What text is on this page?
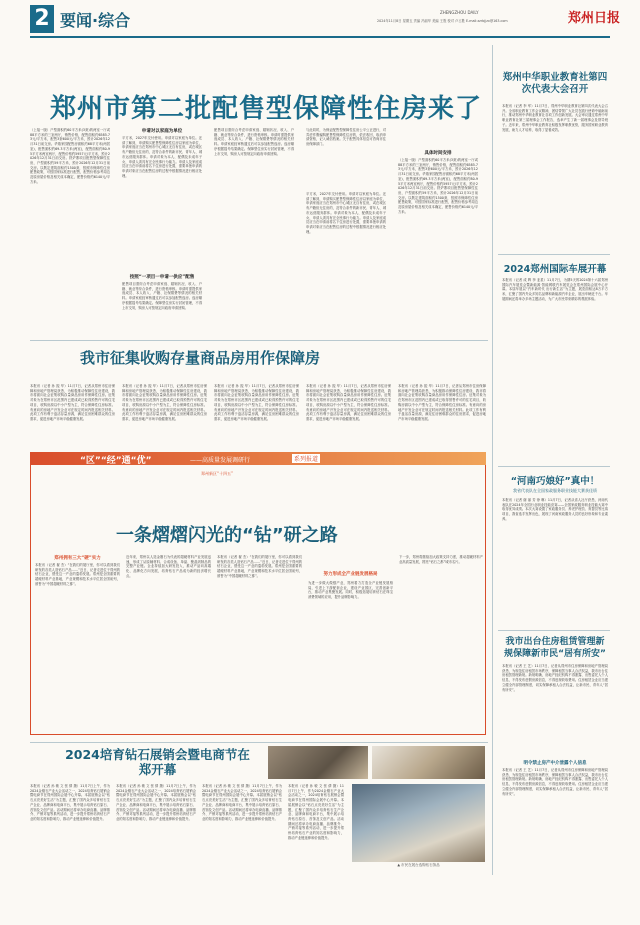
2 要闻·综合	ZHENGZHOU DAILY
2024年11月8日 星期五 责编 冯丽华 美编 王胜 校对 卢占胜 E-mail:zzrbjjzx@163.com	郑州日报
郑州市第二批配售型保障性住房来了
（上接一版）户型面积约60平方米(3套)的两室一厅或88平方米的三室两厅，销售价格，配售面积约6585.73元/平方米，配售3套600元/平方米，预计2026年12月31日前交房。华瑞家园配售房面积约68平方米(两居室)，配售面积约69.3平方米(两室)，配售面积约80-95平方米两室两厅，配售价格约5957元/平方米，预计2026年12月31日前交房。铁炉寨项目配售型保障性住房，户型面积约59平方米，预计2026年12月31日前交房。以既定建筑面积约1500套，按照市保障性住房配售政策，可按国家标准进行配售，配售价格参考周边及原房屋价格及相关成本确定，配售价格约6140元/平方米。
申请对以家庭为单位
平方米，2027年交付使用。申请对以家庭为单位。还请了解到，申请购买配售型保障性住房以家庭为单位，申请家庭应当在郑州市中心城区无自有住房，或在城区有户籍但无住房的，及符合条件的新市民、青年人、城市运营服务群体。申请对象为本人、配偶及未成年子女，申请人须具有完全民事行为能力。申请人及家庭成员应当在申请前将名下住房进行处置，需要单独申请的申请对象应当在配售住房的过程中根据情况进行相应处理。
按照“一项目一申请一供应”配售
配售项目需综合考虑申请家庭、婚姻状况、收入、户籍、就业等综合条件，进行资格审核。申请时需提供家庭成员、本人收入、户籍、社保缴费等情况的相关材料。申请家庭经审核通过后可以参加配售选房。选房顺序根据摇号结果确定。保障型住房实行封闭管理，不得上市交易，购房人可按规定向政府申请回购。
配售项目需综合考虑申请家庭、婚姻状况、收入、户籍、就业等综合条件，进行资格审核。申请时需提供家庭成员、本人收入、户籍、社保缴费等情况的相关材料。申请家庭经审核通过后可以参加配售选房。选房顺序根据摇号结果确定。保障型住房实行封闭管理，不得上市交易，购房人可按规定向政府申请回购。
与此同时，为保证配售型保障性住房公平公正进行，对弄虚作假骗购配售型保障性住房的，依法收回，取消申请资格，记入诚信档案。关于配售具体信息可咨询市住房保障部门。
具体时间安排
（上接一版）户型面积约60平方米(3套)的两室一厅或88平方米的三室两厅，销售价格，配售面积约6585.73元/平方米，配售3套600元/平方米，预计2026年12月31日前交房。华瑞家园配售房面积约68平方米(两居室)，配售面积约69.3平方米(两室)，配售面积约80-95平方米两室两厅，配售价格约5957元/平方米，预计2026年12月31日前交房。铁炉寨项目配售型保障性住房，户型面积约59平方米，预计2026年12月31日前交房。以既定建筑面积约1500套，按照市保障性住房配售政策，可按国家标准进行配售，配售价格参考周边及原房屋价格及相关成本确定，配售价格约6140元/平方米。
平方米，2027年交付使用。申请对以家庭为单位。还请了解到，申请购买配售型保障性住房以家庭为单位，申请家庭应当在郑州市中心城区无自有住房，或在城区有户籍但无住房的，及符合条件的新市民、青年人、城市运营服务群体。申请对象为本人、配偶及未成年子女，申请人须具有完全民事行为能力。申请人及家庭成员应当在申请前将名下住房进行处置，需要单独申请的申请对象应当在配售住房的过程中根据情况进行相应处理。
郑州中华职业教育社第四次代表大会召开
本报讯（记者 李 军）11月7日，郑州中华职业教育社第四次代表大会召开。全省职业教育工作会议精神，团结带领广大社员在践行使命中砥砺前行，推动郑州中华职业教育社各项工作创新发展。大会审议通过郑州中华职业教育社第三届理事会工作报告，选举产生了新一届理事会及领导班子。近年来，郑州中华职业教育社积极发挥职教优势，服务国家职业教育发展，助力人才培养，取得了显著成效。
2024郑州国际车展开幕
本报讯（记者 成 辉 李 亚星）11月7日，为期5天的2024第十六届郑州国际汽车展览会暨新能源·智能网联汽车展览会在郑州国际会展中心开幕。本届车展以“汽车新时代 出行新生活”为主题，展览面积达8万平方米，汇聚了国内外众多知名品牌和新能源汽车企业，展出车辆近千台。车展期间还将举办多场主题活动，为广大市民带来精彩的观展体验。
我市征集收购存量商品房用作保障房
本报讯（记者 孙 振 华）11月7日，记者从郑州市住房保障和房地产管理局获悉，为积极推动保障性住房建设，我市将面向社会征集收购存量商品房用作保障性住房。征集对象为在郑州市区范围内已建成或已取得预售许可的住宅项目，收购房源以中小户型为主，符合保障性住房标准。有意向的房地产开发企业可在规定时间内报送相关材料。此项工作有利于盘活存量房源，满足住房困难群众的住房需求，促进房地产市场平稳健康发展。
本报讯（记者 孙 振 华）11月7日，记者从郑州市住房保障和房地产管理局获悉，为积极推动保障性住房建设，我市将面向社会征集收购存量商品房用作保障性住房。征集对象为在郑州市区范围内已建成或已取得预售许可的住宅项目，收购房源以中小户型为主，符合保障性住房标准。有意向的房地产开发企业可在规定时间内报送相关材料。此项工作有利于盘活存量房源，满足住房困难群众的住房需求，促进房地产市场平稳健康发展。
本报讯（记者 孙 振 华）11月7日，记者从郑州市住房保障和房地产管理局获悉，为积极推动保障性住房建设，我市将面向社会征集收购存量商品房用作保障性住房。征集对象为在郑州市区范围内已建成或已取得预售许可的住宅项目，收购房源以中小户型为主，符合保障性住房标准。有意向的房地产开发企业可在规定时间内报送相关材料。此项工作有利于盘活存量房源，满足住房困难群众的住房需求，促进房地产市场平稳健康发展。
本报讯（记者 孙 振 华）11月7日，记者从郑州市住房保障和房地产管理局获悉，为积极推动保障性住房建设，我市将面向社会征集收购存量商品房用作保障性住房。征集对象为在郑州市区范围内已建成或已取得预售许可的住宅项目，收购房源以中小户型为主，符合保障性住房标准。有意向的房地产开发企业可在规定时间内报送相关材料。此项工作有利于盘活存量房源，满足住房困难群众的住房需求，促进房地产市场平稳健康发展。
本报讯（记者 孙 振 华）11月7日，记者从郑州市住房保障和房地产管理局获悉，为积极推动保障性住房建设，我市将面向社会征集收购存量商品房用作保障性住房。征集对象为在郑州市区范围内已建成或已取得预售许可的住宅项目，收购房源以中小户型为主，符合保障性住房标准。有意向的房地产开发企业可在规定时间内报送相关材料。此项工作有利于盘活存量房源，满足住房困难群众的住房需求，促进房地产市场平稳健康发展。
“区”“经”通“优”	——高质量发展调研行	系列报道
郑州新区“十四五”
一条熠熠闪光的“钻”研之路
郑州拥有三大“硬”实力
本报讯（记者 翟 杰）“在我们的展厅里，你可以看到我们研发的各类人造钻石产品……”近日，记者走进位于郑州的钻石企业，感受这一产业的蓬勃发展。郑州是全国重要的超硬材料产业基地，产业规模和技术水平位居全国前列，被誉为“中国超硬材料之都”。
近年来，郑州以人造金刚石为代表的超硬材料产业发展迅速，形成了从原辅材料、合成设备、单晶、聚晶到制品的完整产业链。企业持续加大研发投入，推动产品向高端化、品牌化方向发展，培育钻石产品成为新的经济增长点。
本报讯（记者 翟 杰）“在我们的展厅里，你可以看到我们研发的各类人造钻石产品……”近日，记者走进位于郑州的钻石企业，感受这一产业的蓬勃发展。郑州是全国重要的超硬材料产业基地，产业规模和技术水平位居全国前列，被誉为“中国超硬材料之都”。	努力形成全产业链发展格局
为进一步做大做强产业，郑州着力打造全产业链发展格局，引进上下游配套企业，建设产业园区，完善创新平台，推动产业集聚发展。同时，积极拓展培育钻石在珠宝消费领域的应用，提升品牌影响力。
下一步，郑州将继续加大政策支持力度，推动超硬材料产业高质量发展，擦亮“钻石之都”城市名片。
“河南巧娘好”真中！
我省代表队在全国家政服务职业技能大赛获佳绩
本报讯（记者 谢 丽 芳 徐 琳）11月7日，记者从省人社厅获悉，河南代表队在2024年全国行业职业技能竞赛——全国家政服务职业技能大赛中取得优异成绩。本次大赛设置了家政服务员、养老护理员、育婴员等比赛项目，我省选手发挥出色，展现了河南家政服务人员的良好形象和专业素养。
我市出台住房租赁管理新规保障新市民“居有所安”
本报讯（记者 王 艺）11月7日，记者从郑州市住房保障和房地产管理局获悉，为规范住房租赁市场秩序，保障租赁当事人合法权益，我市出台住房租赁管理新规。新规明确，房地产经纪机构不得泄露、出售委托人个人信息，不得发布虚假房源信息，不得违规收取费用。住房租赁企业应当建立健全内部管理制度，切实保障承租人合法权益，让新市民、青年人“居有所安”。
明令禁止房产中介泄露个人信息
本报讯（记者 王 艺）11月7日，记者从郑州市住房保障和房地产管理局获悉，为规范住房租赁市场秩序，保障租赁当事人合法权益，我市出台住房租赁管理新规。新规明确，房地产经纪机构不得泄露、出售委托人个人信息，不得发布虚假房源信息，不得违规收取费用。住房租赁企业应当建立健全内部管理制度，切实保障承租人合法权益，让新市民、青年人“居有所安”。
2024培育钻石展销会暨电商节在郑开幕
本报讯（记者 孙 敏 文 张 倩 摄）11月7日上午，作为2024金刚石产业大会活动之一，2024培育钻石展销会暨电商节在郑州国际会展中心开幕。本届展销会以“钻石点亮美好生活”为主题，汇聚了国内众多培育钻石生产企业、品牌商和电商平台，集中展示培育钻石原石、首饰及文创产品。活动期间还将举办电商直播、品牌推介、产销对接等系列活动，进一步提升郑州培育钻石产业的知名度和影响力，推动产业链延伸和价值提升。
本报讯（记者 孙 敏 文 张 倩 摄）11月7日上午，作为2024金刚石产业大会活动之一，2024培育钻石展销会暨电商节在郑州国际会展中心开幕。本届展销会以“钻石点亮美好生活”为主题，汇聚了国内众多培育钻石生产企业、品牌商和电商平台，集中展示培育钻石原石、首饰及文创产品。活动期间还将举办电商直播、品牌推介、产销对接等系列活动，进一步提升郑州培育钻石产业的知名度和影响力，推动产业链延伸和价值提升。
本报讯（记者 孙 敏 文 张 倩 摄）11月7日上午，作为2024金刚石产业大会活动之一，2024培育钻石展销会暨电商节在郑州国际会展中心开幕。本届展销会以“钻石点亮美好生活”为主题，汇聚了国内众多培育钻石生产企业、品牌商和电商平台，集中展示培育钻石原石、首饰及文创产品。活动期间还将举办电商直播、品牌推介、产销对接等系列活动，进一步提升郑州培育钻石产业的知名度和影响力，推动产业链延伸和价值提升。
本报讯（记者 孙 敏 文 张 倩 摄）11月7日上午，作为2024金刚石产业大会活动之一，2024培育钻石展销会暨电商节在郑州国际会展中心开幕。本届展销会以“钻石点亮美好生活”为主题，汇聚了国内众多培育钻石生产企业、品牌商和电商平台，集中展示培育钻石原石、首饰及文创产品。活动期间还将举办电商直播、品牌推介、产销对接等系列活动，进一步提升郑州培育钻石产业的知名度和影响力，推动产业链延伸和价值提升。
▲ 市民在展台选购钻石饰品
